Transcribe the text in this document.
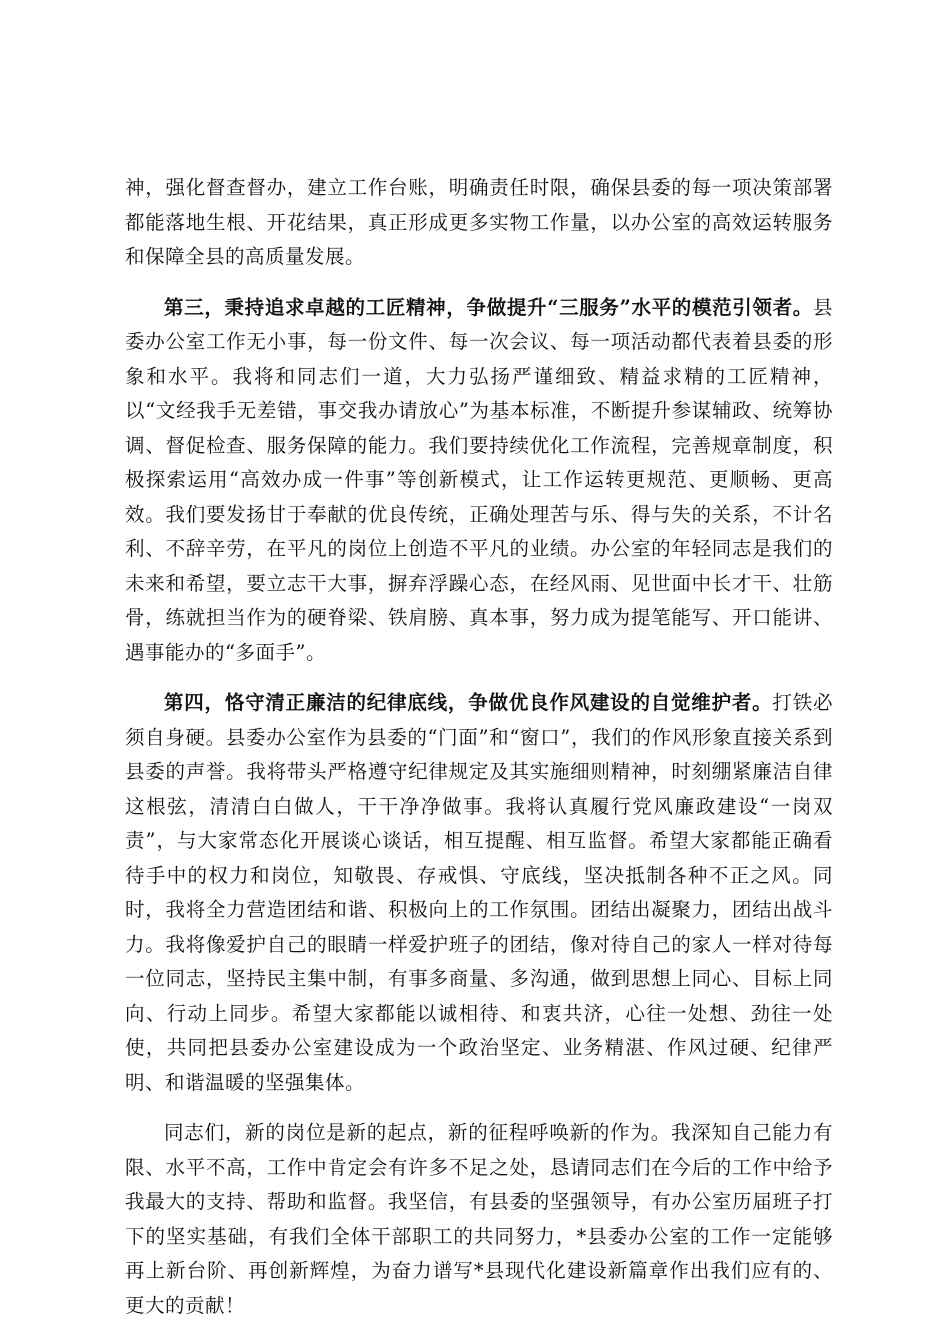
神，强化督查督办，建立工作台账，明确责任时限，确保县委的每一项决策部署都能落地生根、开花结果，真正形成更多实物工作量，以办公室的高效运转服务和保障全县的高质量发展。

第三，秉持追求卓越的工匠精神，争做提升“三服务”水平的模范引领者。县委办公室工作无小事，每一份文件、每一次会议、每一项活动都代表着县委的形象和水平。我将和同志们一道，大力弘扬严谨细致、精益求精的工匠精神，以“文经我手无差错，事交我办请放心”为基本标准，不断提升参谋辅政、统筹协调、督促检查、服务保障的能力。我们要持续优化工作流程，完善规章制度，积极探索运用“高效办成一件事”等创新模式，让工作运转更规范、更顺畅、更高效。我们要发扬甘于奉献的优良传统，正确处理苦与乐、得与失的关系，不计名利、不辞辛劳，在平凡的岗位上创造不平凡的业绩。办公室的年轻同志是我们的未来和希望，要立志干大事，摒弃浮躁心态，在经风雨、见世面中长才干、壮筋骨，练就担当作为的硬脊梁、铁肩膀、真本事，努力成为提笔能写、开口能讲、遇事能办的“多面手”。

第四，恪守清正廉洁的纪律底线，争做优良作风建设的自觉维护者。打铁必须自身硬。县委办公室作为县委的“门面”和“窗口”，我们的作风形象直接关系到县委的声誉。我将带头严格遵守纪律规定及其实施细则精神，时刻绷紧廉洁自律这根弦，清清白白做人，干干净净做事。我将认真履行党风廉政建设“一岗双责”，与大家常态化开展谈心谈话，相互提醒、相互监督。希望大家都能正确看待手中的权力和岗位，知敬畏、存戒惧、守底线，坚决抵制各种不正之风。同时，我将全力营造团结和谐、积极向上的工作氛围。团结出凝聚力，团结出战斗力。我将像爱护自己的眼睛一样爱护班子的团结，像对待自己的家人一样对待每一位同志，坚持民主集中制，有事多商量、多沟通，做到思想上同心、目标上同向、行动上同步。希望大家都能以诚相待、和衷共济，心往一处想、劲往一处使，共同把县委办公室建设成为一个政治坚定、业务精湛、作风过硬、纪律严明、和谐温暖的坚强集体。

同志们，新的岗位是新的起点，新的征程呼唤新的作为。我深知自己能力有限、水平不高，工作中肯定会有许多不足之处，恳请同志们在今后的工作中给予我最大的支持、帮助和监督。我坚信，有县委的坚强领导，有办公室历届班子打下的坚实基础，有我们全体干部职工的共同努力，*县委办公室的工作一定能够再上新台阶、再创新辉煌，为奋力谱写*县现代化建设新篇章作出我们应有的、更大的贡献！
